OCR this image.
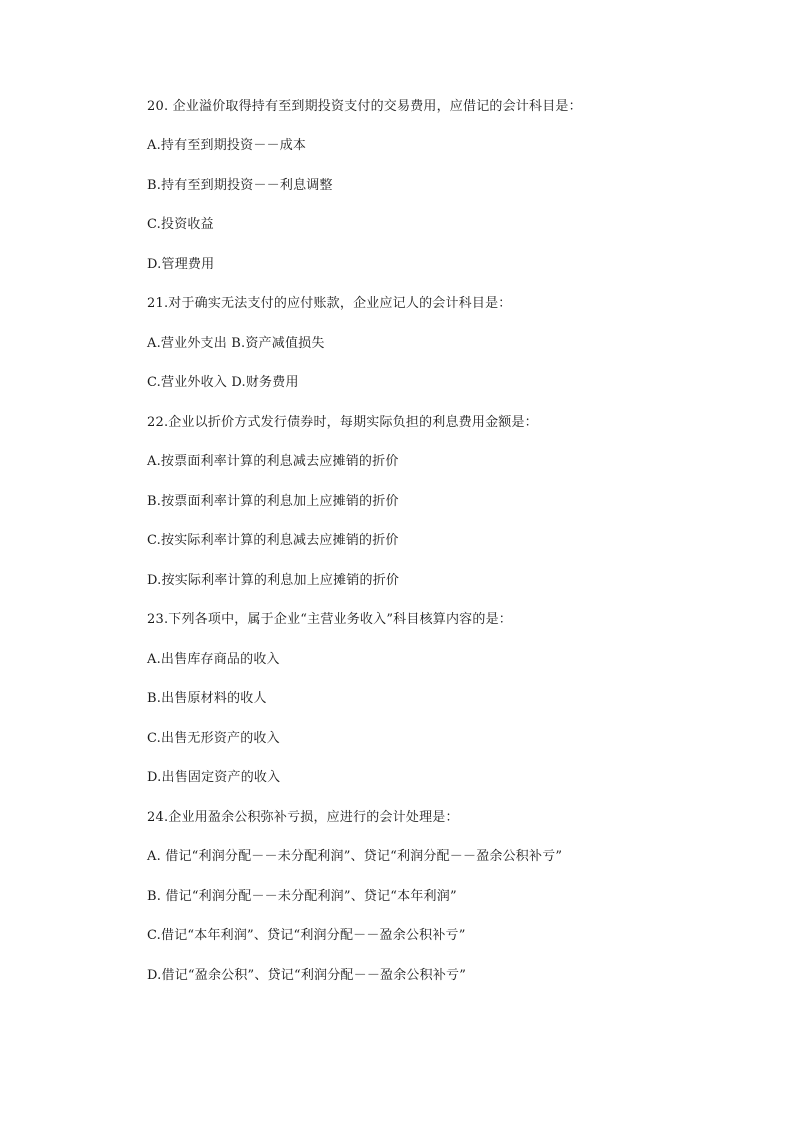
20. 企业溢价取得持有至到期投资支付的交易费用，应借记的会计科目是：
A.持有至到期投资－－成本
B.持有至到期投资－－利息调整
C.投资收益
D.管理费用
21.对于确实无法支付的应付账款，企业应记人的会计科目是：
A.营业外支出 B.资产减值损失
C.营业外收入 D.财务费用
22.企业以折价方式发行债券时，每期实际负担的利息费用金额是：
A.按票面利率计算的利息减去应摊销的折价
B.按票面利率计算的利息加上应摊销的折价
C.按实际利率计算的利息减去应摊销的折价
D.按实际利率计算的利息加上应摊销的折价
23.下列各项中，属于企业“主营业务收入”科目核算内容的是：
A.出售库存商品的收入
B.出售原材料的收人
C.出售无形资产的收入
D.出售固定资产的收入
24.企业用盈余公积弥补亏损，应进行的会计处理是：
A. 借记“利润分配－－未分配利润”、贷记“利润分配－－盈余公积补亏”
B. 借记“利润分配－－未分配利润”、贷记“本年利润”
C.借记“本年利润”、贷记“利润分配－－盈余公积补亏”
D.借记“盈余公积”、贷记“利润分配－－盈余公积补亏”
